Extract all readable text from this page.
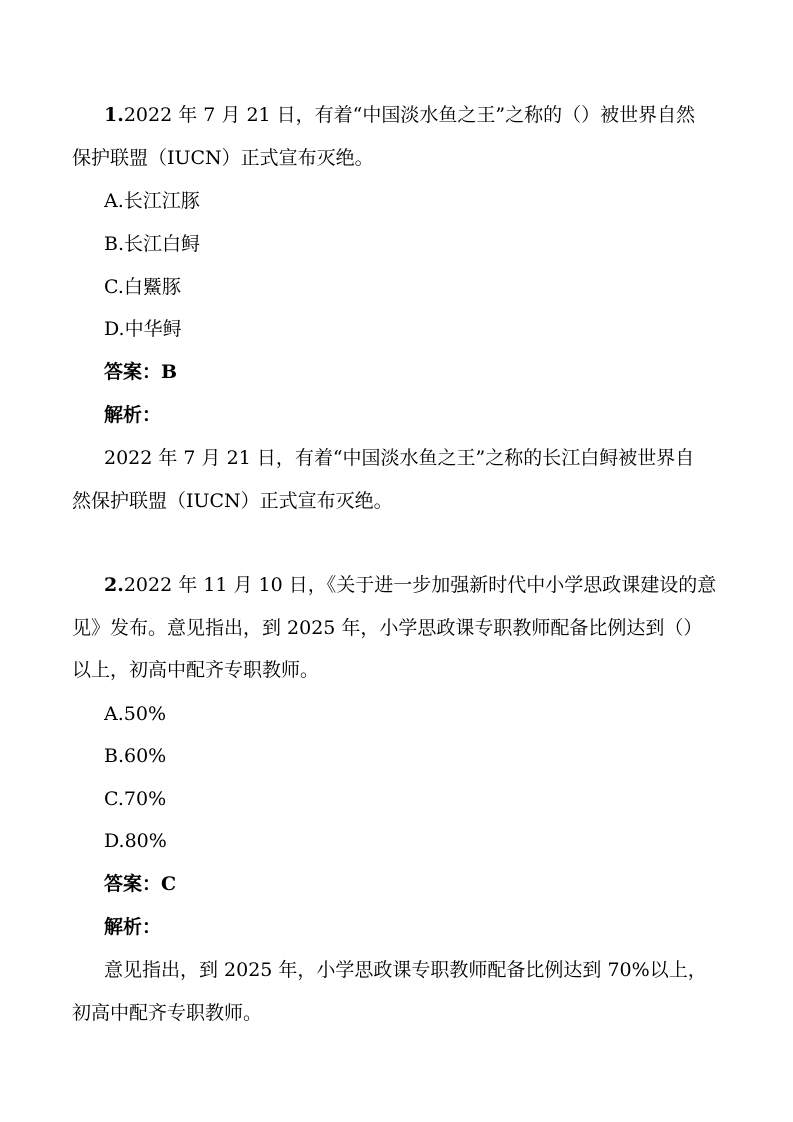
1.2022 年 7 月 21 日，有着“中国淡水鱼之王”之称的（）被世界自然
保护联盟（IUCN）正式宣布灭绝。
A.长江江豚
B.长江白鲟
C.白鱀豚
D.中华鲟
答案：B
解析：
2022 年 7 月 21 日，有着“中国淡水鱼之王”之称的长江白鲟被世界自
然保护联盟（IUCN）正式宣布灭绝。
2.2022 年 11 月 10 日，《关于进一步加强新时代中小学思政课建设的意
见》发布。意见指出，到 2025 年，小学思政课专职教师配备比例达到（）
以上，初高中配齐专职教师。
A.50%
B.60%
C.70%
D.80%
答案：C
解析：
意见指出，到 2025 年，小学思政课专职教师配备比例达到 70%以上，
初高中配齐专职教师。
